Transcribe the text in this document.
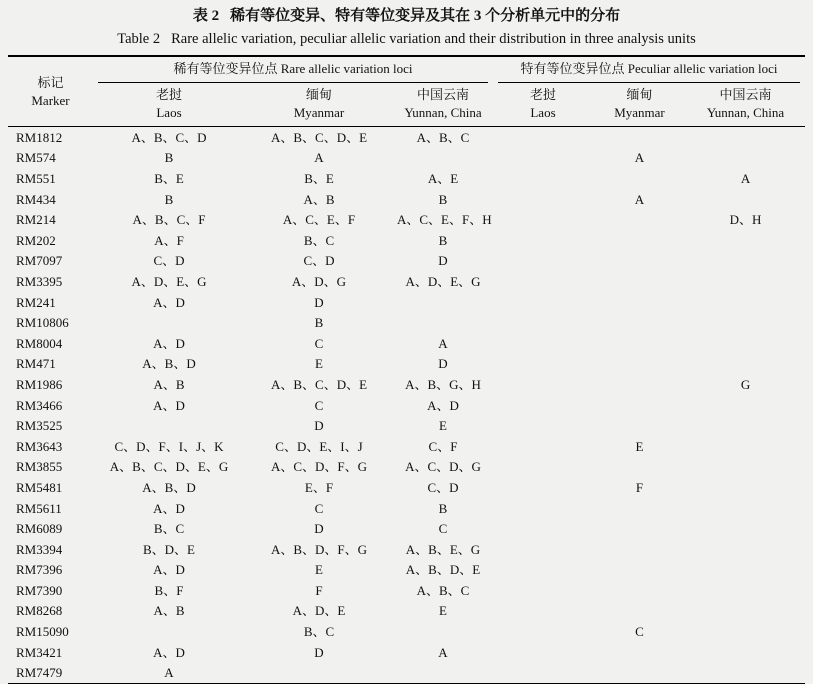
表 2 稀有等位变异、特有等位变异及其在 3 个分析单元中的分布
Table 2 Rare allelic variation, peculiar allelic variation and their distribution in three analysis units
标记
Marker	稀有等位变异位点 Rare allelic variation loci			特有等位变异位点 Peculiar allelic variation loci		

	老挝
Laos	缅甸
Myanmar	中国云南
Yunnan, China	老挝
Laos	缅甸
Myanmar	中国云南
Yunnan, China

RM1812	A、B、C、D	A、B、C、D、E	A、B、C			
RM574	B	A			A	
RM551	B、E	B、E	A、E			A
RM434	B	A、B	B		A	
RM214	A、B、C、F	A、C、E、F	A、C、E、F、H			D、H
RM202	A、F	B、C	B			
RM7097	C、D	C、D	D			
RM3395	A、D、E、G	A、D、G	A、D、E、G			
RM241	A、D	D				
RM10806		B				
RM8004	A、D	C	A			
RM471	A、B、D	E	D			
RM1986	A、B	A、B、C、D、E	A、B、G、H			G
RM3466	A、D	C	A、D			
RM3525		D	E			
RM3643	C、D、F、I、J、K	C、D、E、I、J	C、F		E	
RM3855	A、B、C、D、E、G	A、C、D、F、G	A、C、D、G			
RM5481	A、B、D	E、F	C、D		F	
RM5611	A、D	C	B			
RM6089	B、C	D	C			
RM3394	B、D、E	A、B、D、F、G	A、B、E、G			
RM7396	A、D	E	A、B、D、E			
RM7390	B、F	F	A、B、C			
RM8268	A、B	A、D、E	E			
RM15090		B、C			C	
RM3421	A、D	D	A			
RM7479	A					
